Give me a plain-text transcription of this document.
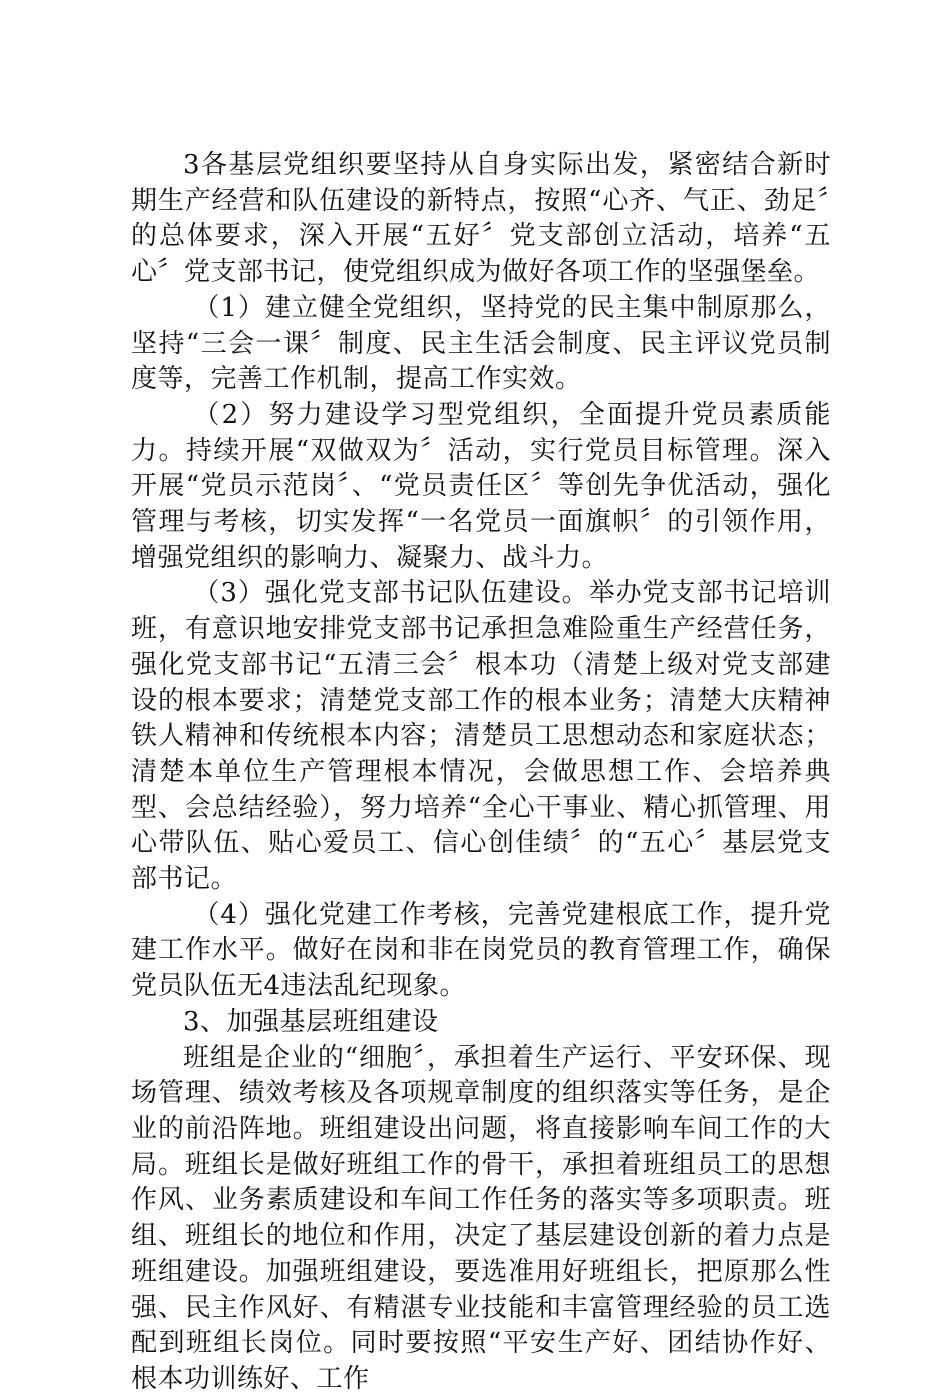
3各基层党组织要坚持从自身实际出发，紧密结合新时期生产经营和队伍建设的新特点，按照“心齐、气正、劲足〞的总体要求，深入开展“五好〞党支部创立活动，培养“五心〞党支部书记，使党组织成为做好各项工作的坚强堡垒。

（1）建立健全党组织，坚持党的民主集中制原那么，坚持“三会一课〞制度、民主生活会制度、民主评议党员制度等，完善工作机制，提高工作实效。

（2）努力建设学习型党组织，全面提升党员素质能力。持续开展“双做双为〞活动，实行党员目标管理。深入开展“党员示范岗〞、“党员责任区〞等创先争优活动，强化管理与考核，切实发挥“一名党员一面旗帜〞的引领作用，增强党组织的影响力、凝聚力、战斗力。

（3）强化党支部书记队伍建设。举办党支部书记培训班，有意识地安排党支部书记承担急难险重生产经营任务，强化党支部书记“五清三会〞根本功（清楚上级对党支部建设的根本要求；清楚党支部工作的根本业务；清楚大庆精神铁人精神和传统根本内容；清楚员工思想动态和家庭状态；清楚本单位生产管理根本情况，会做思想工作、会培养典型、会总结经验），努力培养“全心干事业、精心抓管理、用心带队伍、贴心爱员工、信心创佳绩〞的“五心〞基层党支部书记。

（4）强化党建工作考核，完善党建根底工作，提升党建工作水平。做好在岗和非在岗党员的教育管理工作，确保党员队伍无4违法乱纪现象。

3、加强基层班组建设

班组是企业的“细胞〞，承担着生产运行、平安环保、现场管理、绩效考核及各项规章制度的组织落实等任务，是企业的前沿阵地。班组建设出问题，将直接影响车间工作的大局。班组长是做好班组工作的骨干，承担着班组员工的思想作风、业务素质建设和车间工作任务的落实等多项职责。班组、班组长的地位和作用，决定了基层建设创新的着力点是班组建设。加强班组建设，要选准用好班组长，把原那么性强、民主作风好、有精湛专业技能和丰富管理经验的员工选配到班组长岗位。同时要按照“平安生产好、团结协作好、根本功训练好、工作
